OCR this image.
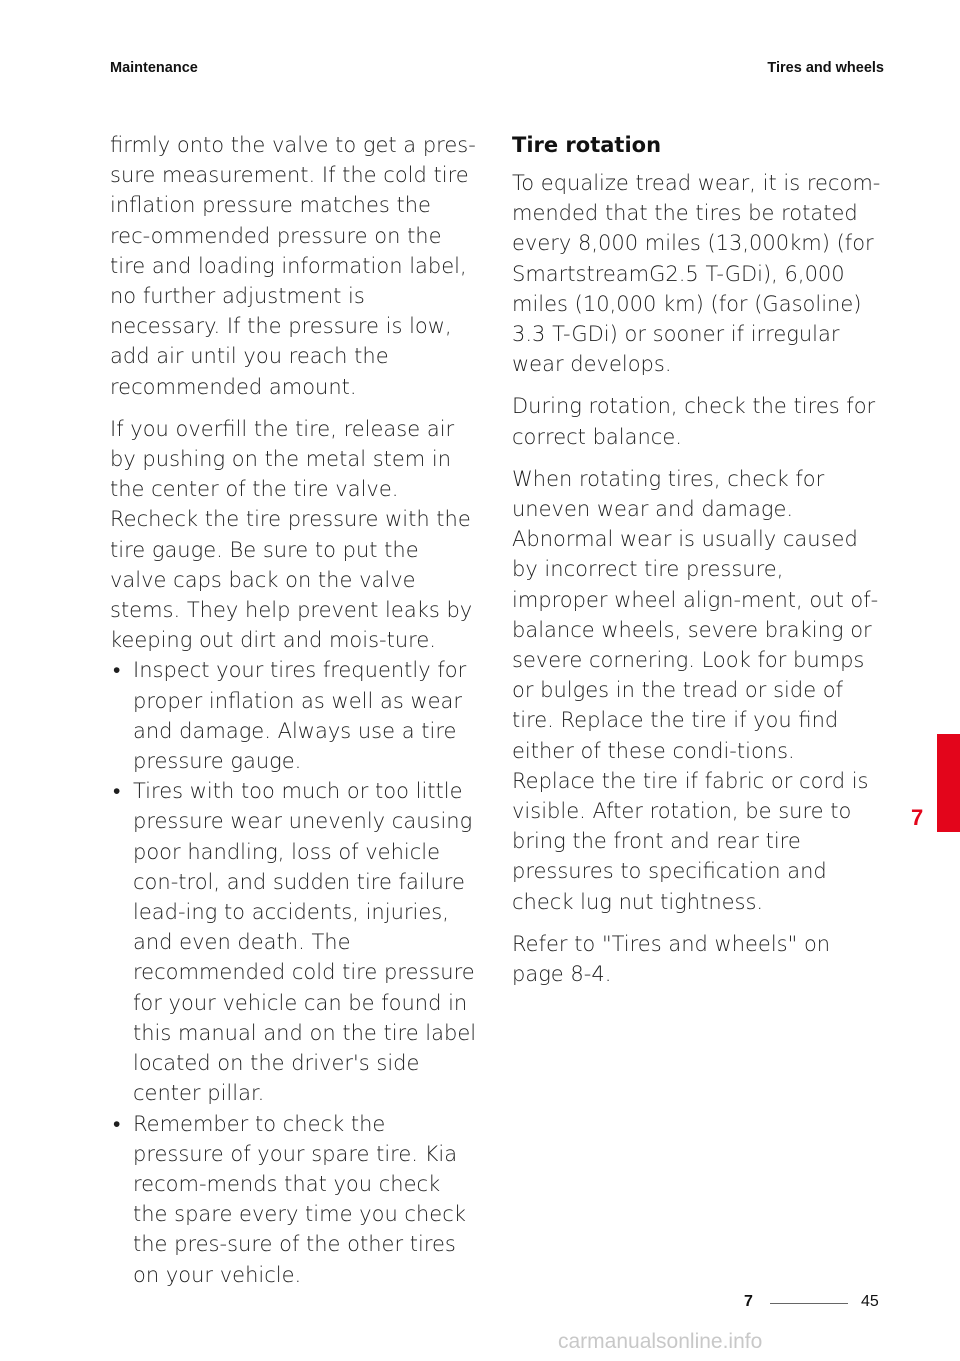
Maintenance	Tires and wheels

firmly onto the valve to get a pres-sure measurement. If the cold tire inflation pressure matches the rec-ommended pressure on the tire and loading information label, no further adjustment is necessary. If the pressure is low, add air until you reach the recommended amount.

If you overfill the tire, release air by pushing on the metal stem in the center of the tire valve. Recheck the tire pressure with the tire gauge. Be sure to put the valve caps back on the valve stems. They help prevent leaks by keeping out dirt and mois-ture.

• Inspect your tires frequently for proper inflation as well as wear and damage. Always use a tire pressure gauge.
• Tires with too much or too little pressure wear unevenly causing poor handling, loss of vehicle con-trol, and sudden tire failure lead-ing to accidents, injuries, and even death. The recommended cold tire pressure for your vehicle can be found in this manual and on the tire label located on the driver's side center pillar.
• Remember to check the pressure of your spare tire. Kia recom-mends that you check the spare every time you check the pres-sure of the other tires on your vehicle.
Tire rotation

To equalize tread wear, it is recom-mended that the tires be rotated every 8,000 miles (13,000km) (for SmartstreamG2.5 T-GDi), 6,000 miles (10,000 km) (for (Gasoline) 3.3 T-GDi) or sooner if irregular wear develops.

During rotation, check the tires for correct balance.

When rotating tires, check for uneven wear and damage. Abnormal wear is usually caused by incorrect tire pressure, improper wheel align-ment, out of- balance wheels, severe braking or severe cornering. Look for bumps or bulges in the tread or side of tire. Replace the tire if you find either of these condi-tions. Replace the tire if fabric or cord is visible. After rotation, be sure to bring the front and rear tire pressures to specification and check lug nut tightness.

Refer to "Tires and wheels" on page 8-4.

7
7	45
carmanualsonline.info
